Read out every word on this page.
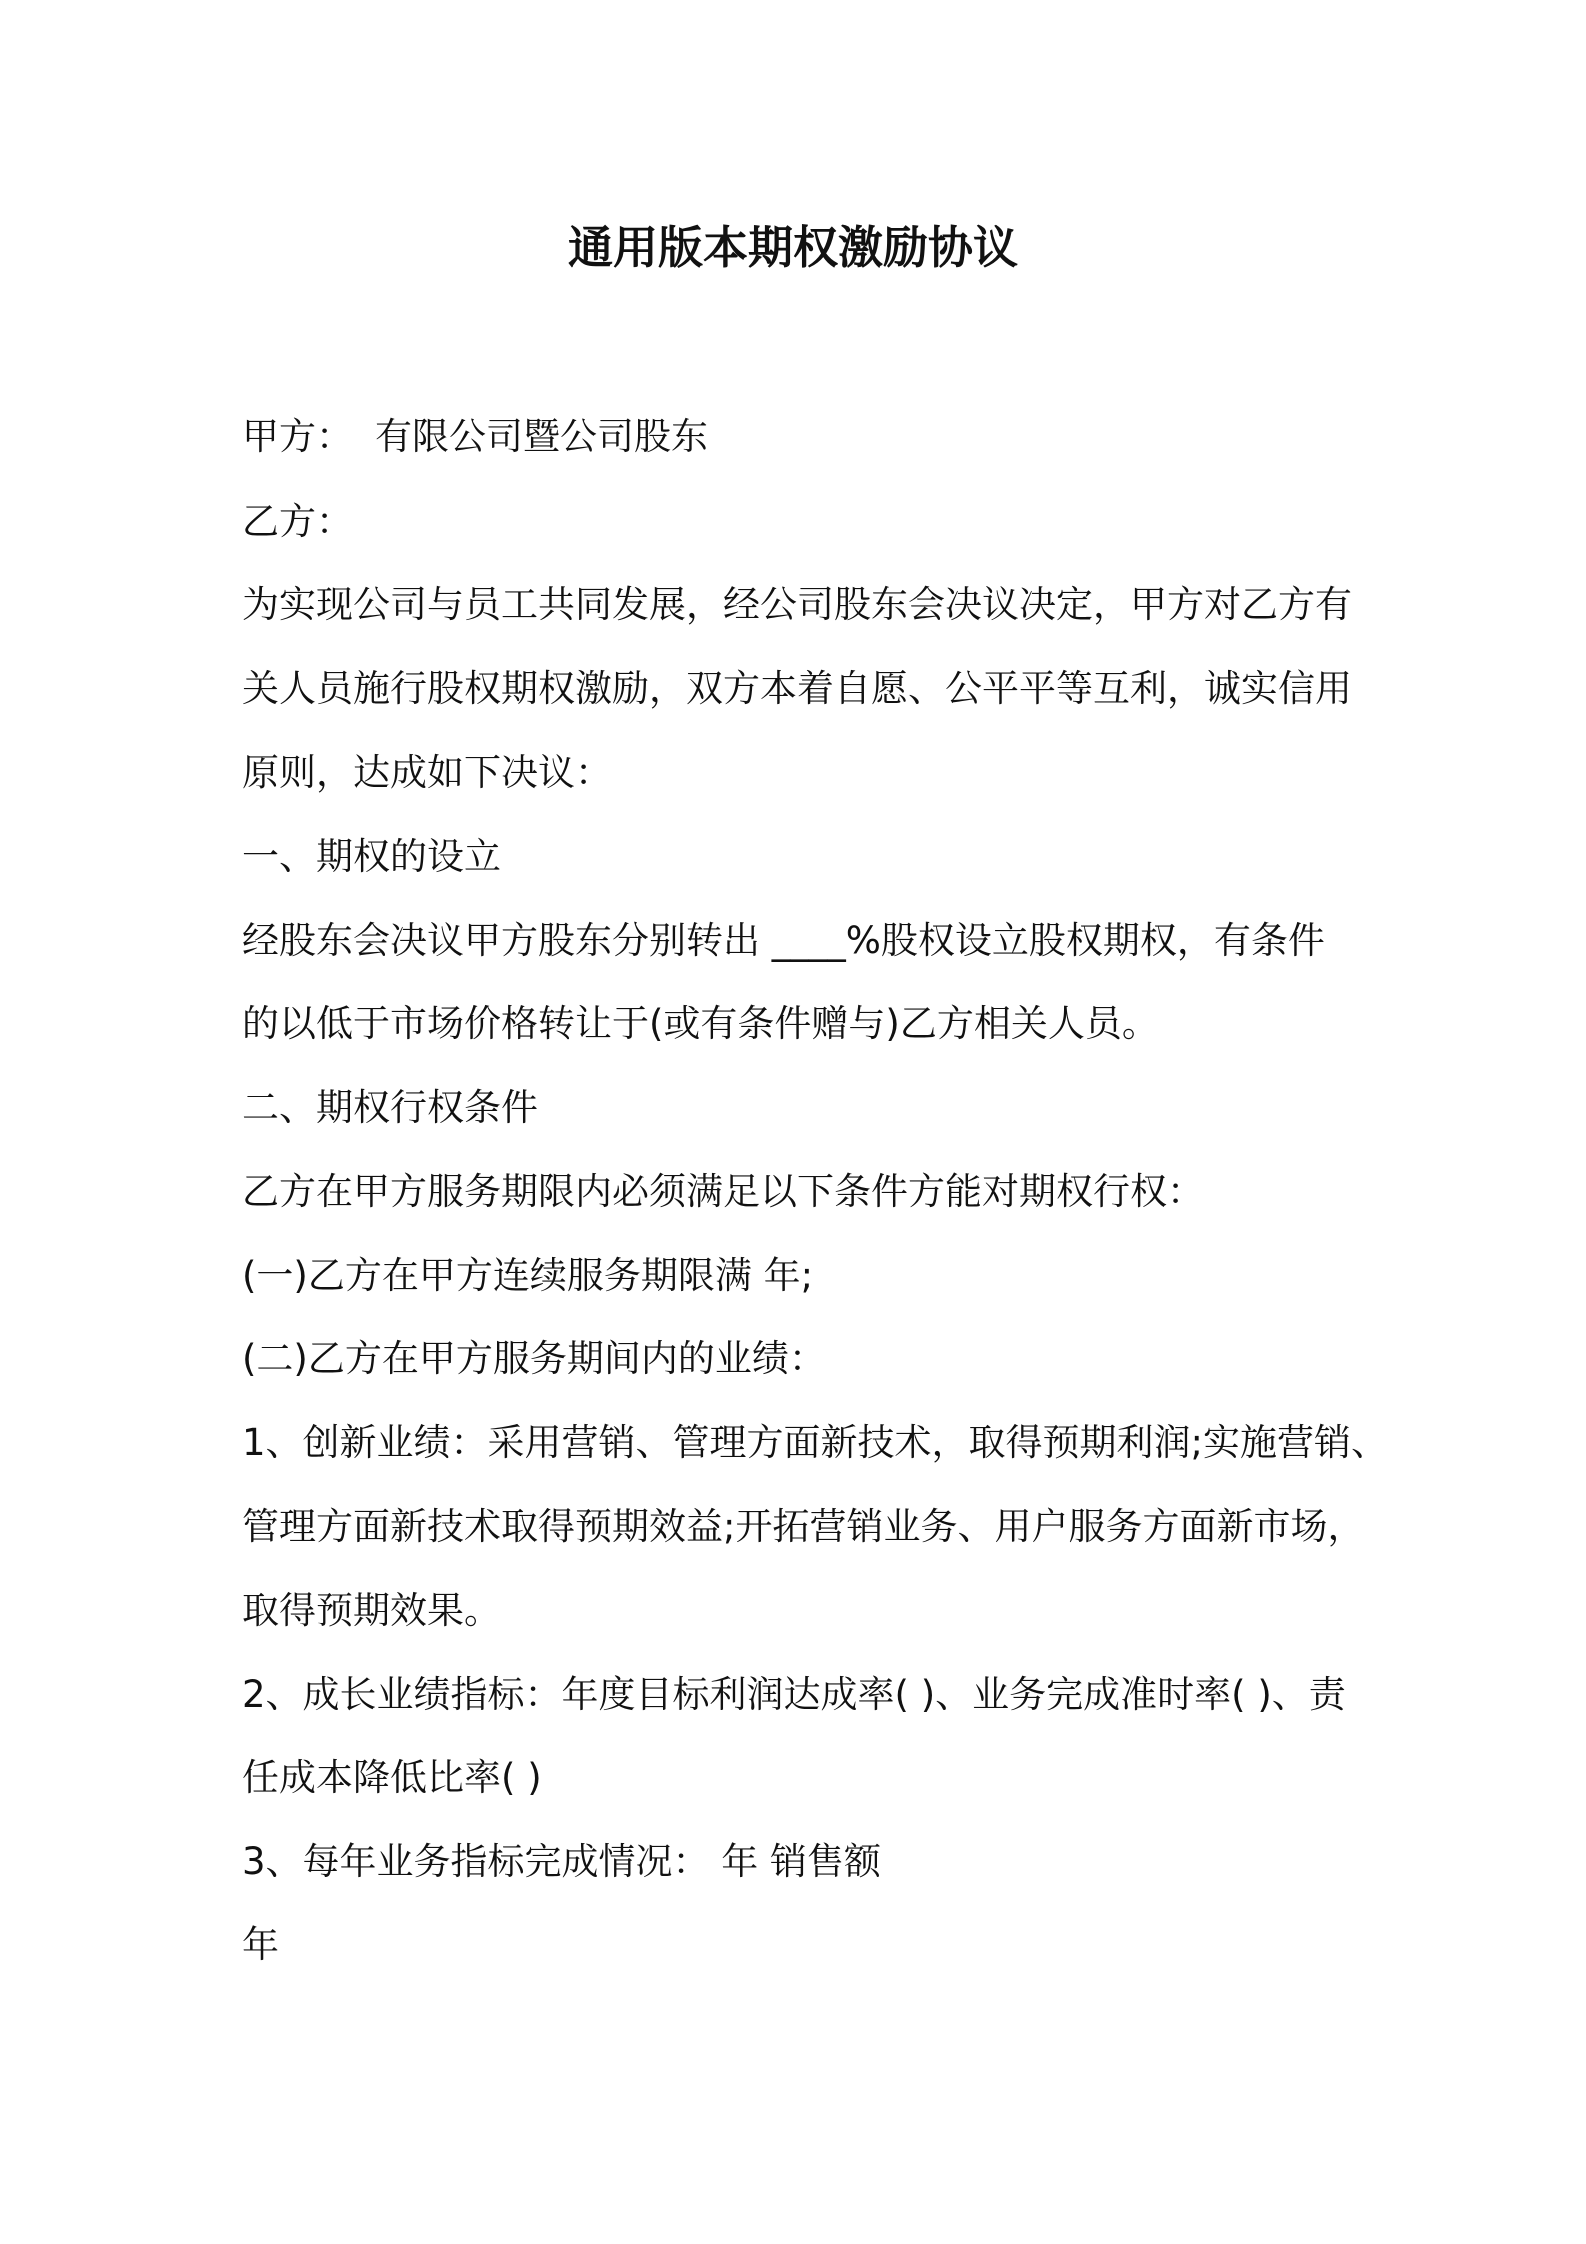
通用版本期权激励协议
甲方： 有限公司暨公司股东
乙方：
为实现公司与员工共同发展，经公司股东会决议决定，甲方对乙方有
关人员施行股权期权激励，双方本着自愿、公平平等互利，诚实信用
原则，达成如下决议：
一、期权的设立
经股东会决议甲方股东分别转出 ____%股权设立股权期权，有条件
的以低于市场价格转让于(或有条件赠与)乙方相关人员。
二、期权行权条件
乙方在甲方服务期限内必须满足以下条件方能对期权行权：
(一)乙方在甲方连续服务期限满 年;
(二)乙方在甲方服务期间内的业绩：
1、创新业绩：采用营销、管理方面新技术，取得预期利润;实施营销、
管理方面新技术取得预期效益;开拓营销业务、用户服务方面新市场，
取得预期效果。
2、成长业绩指标：年度目标利润达成率( )、业务完成准时率( )、责
任成本降低比率( )
3、每年业务指标完成情况： 年 销售额
年
